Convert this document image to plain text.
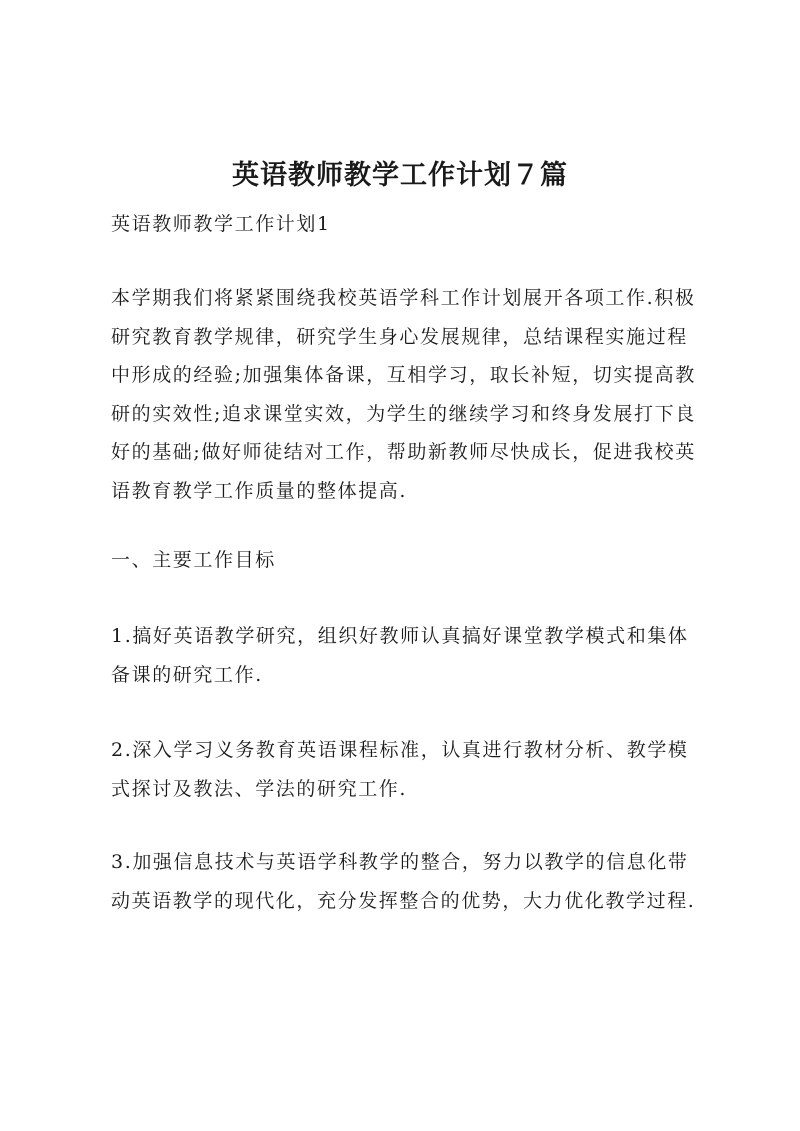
英语教师教学工作计划７篇

英语教师教学工作计划1

本学期我们将紧紧围绕我校英语学科工作计划展开各项工作.积极研究教育教学规律，研究学生身心发展规律，总结课程实施过程中形成的经验;加强集体备课，互相学习，取长补短，切实提高教研的实效性;追求课堂实效，为学生的继续学习和终身发展打下良好的基础;做好师徒结对工作，帮助新教师尽快成长，促进我校英语教育教学工作质量的整体提高.

一、主要工作目标

1.搞好英语教学研究，组织好教师认真搞好课堂教学模式和集体备课的研究工作.

2.深入学习义务教育英语课程标准，认真进行教材分析、教学模式探讨及教法、学法的研究工作.

3.加强信息技术与英语学科教学的整合，努力以教学的信息化带动英语教学的现代化，充分发挥整合的优势，大力优化教学过程.
